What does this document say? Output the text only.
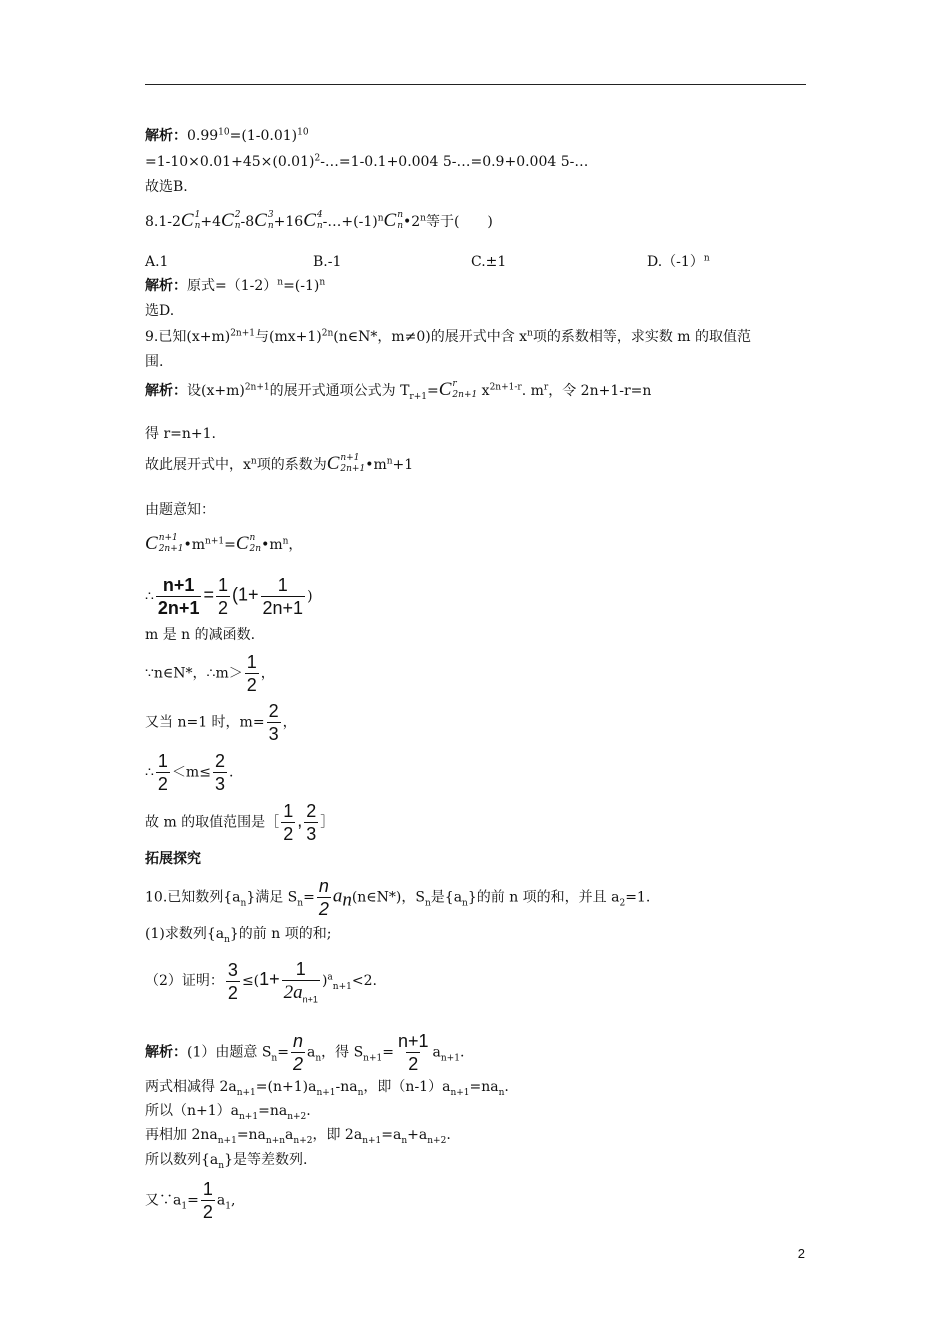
解析：$0.99^{10}=(1-0.01)^{10}$
$=1-10\times 0.01+45\times(0.01)^2-\dots=1-0.1+0.004$ 5-…=0.9+0.004 5-…
故选B.
8.1-2 C 1
n +4 C 2
n -8 C 3
n +16 C 4
n $-\dots+(-1)^n$ C n
n •2$^n$等于(　　)
A.1	B.-1	C.±1	$D.(-1)^n$
解析：原式$=(1-2)^n=(-1)^n$
选D.
9.已知$(x+m)^{2n+1}$与$(mx+1)^{2n}(n\in N*$，m≠0)的展开式中含 $x^n$项的系数相等，求实数 m 的取值范
围.
解析：设$(x+m)^{2n+1}$的展开式通项公式为 $T_{r+1}= C$ r
2n+1 $x^{2n+1-r}$. $m^r$，令 2n+1-r=n
得 r=n+1.
故此展开式中，$x^n$项的系数为 C n+1
2n+1 $•m^n+1$
由题意知：
C n+1
2n+1 $•m^{n+1}= C$ n
2n $•m^n$，
∴ $\frac{n+1}{2n+1} = \frac{1}{2} (1+ \frac{1}{2n+1}$ )
m 是 n 的减函数.
∵n∈N*，∴m＞ $\frac{1}{2}$ ，
又当 n=1 时，$m= \frac{2}{3}$ ，
∴ $\frac{1}{2} <m\le \frac{2}{3}$ .
故 m 的取值范围是［ $\frac{1}{2}$ , $\frac{2}{3}$ ］
拓展探究
10.已知数列$\{a_n\}$满足 $S_n= \frac{n}{2}$ $a_n(n\in N*)$，$S_n$是$\{a_n\}$的前 n 项的和，并且 $a_2=1$.
(1)求数列$\{a_n\}$的前 n 项的和;
（2）证明： $\frac{3}{2} \le(1+ \frac{1}{2a_{n+1}} )^a_{n+1}<2$.
解析：(1）由题意 $S_n= \frac{n}{2} a_n$，得 $S_{n+1}= \frac{n+1}{2} a_{n+1}$.
两式相减得 $2a_{n+1}=(n+1)a_{n+1}-na_n$，即$(n-1)a_{n+1}=na_n$.
所以$(n+1)a_{n+1}=na_{n+2}$.
再相加 $2na_{n+1}=na_{n+n}a_{n+2}$，即 $2a_{n+1}=a_n+a_{n+2}$.
所以数列$\{a_n\}$是等差数列.
又$\because a_1= \frac{1}{2} a_1$,
2
